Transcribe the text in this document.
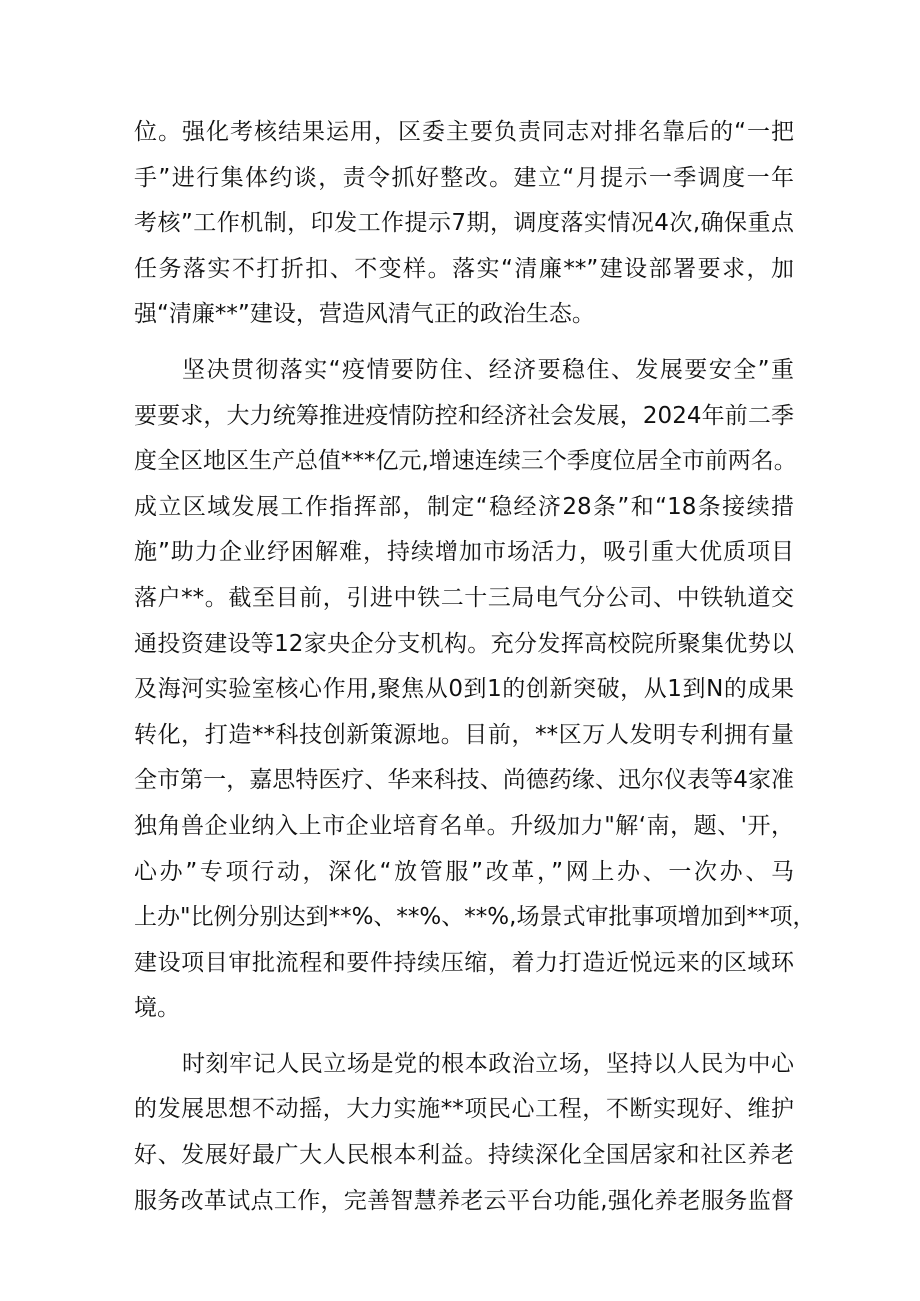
位。强化考核结果运用，区委主要负责同志对排名靠后的“一把
手”进行集体约谈，责令抓好整改。建立“月提示一季调度一年
考核”工作机制，印发工作提示7期，调度落实情况4次,确保重点
任务落实不打折扣、不变样。落实“清廉**”建设部署要求，加
强“清廉**”建设，营造风清气正的政治生态。
坚决贯彻落实“疫情要防住、经济要稳住、发展要安全”重
要要求，大力统筹推进疫情防控和经济社会发展，2024年前二季
度全区地区生产总值***亿元,增速连续三个季度位居全市前两名。
成立区域发展工作指挥部，制定“稳经济28条”和“18条接续措
施”助力企业纾困解难，持续增加市场活力，吸引重大优质项目
落户**。截至目前，引进中铁二十三局电气分公司、中铁轨道交
通投资建设等12家央企分支机构。充分发挥高校院所聚集优势以
及海河实验室核心作用,聚焦从0到1的创新突破，从1到N的成果
转化，打造**科技创新策源地。目前，**区万人发明专利拥有量
全市第一，嘉思特医疗、华来科技、尚德药缘、迅尔仪表等4家准
独角兽企业纳入上市企业培育名单。升级加力"解‘南，题、'开，
心办”专项行动，深化“放管服”改革，”网上办、一次办、马
上办"比例分别达到**%、**%、**%,场景式审批事项增加到**项，
建设项目审批流程和要件持续压缩，着力打造近悦远来的区域环
境。
时刻牢记人民立场是党的根本政治立场，坚持以人民为中心
的发展思想不动摇，大力实施**项民心工程，不断实现好、维护
好、发展好最广大人民根本利益。持续深化全国居家和社区养老
服务改革试点工作，完善智慧养老云平台功能,强化养老服务监督
